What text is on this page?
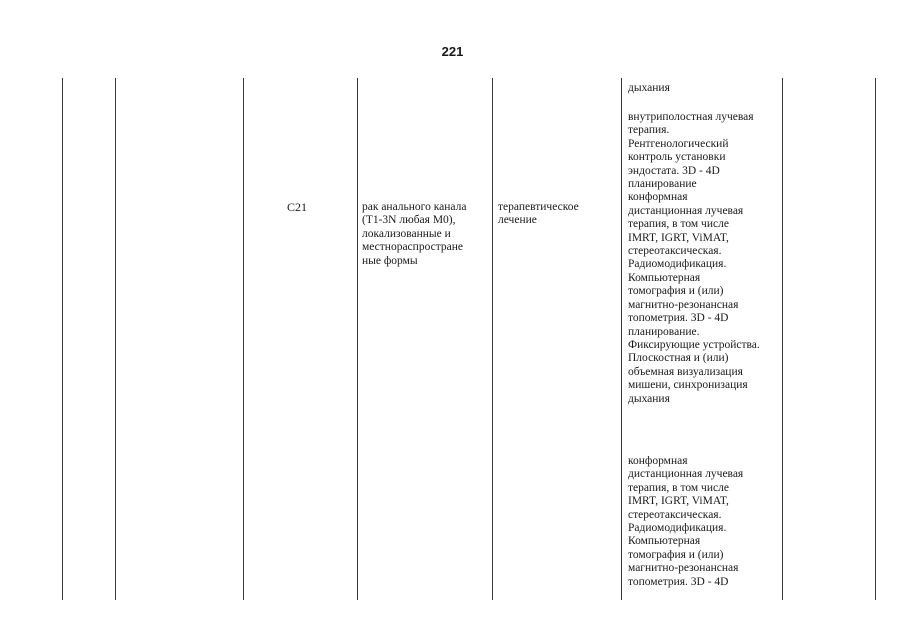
221
C21	рак анального канала
(T1-3N любая M0),
локализованные и
местнораспростране
ные формы
терапевтическое
лечение
дыхания
внутриполостная лучевая
терапия.
Рентгенологический
контроль установки
эндостата. 3D - 4D
планирование
конформная
дистанционная лучевая
терапия, в том числе
IMRT, IGRT, ViMAT,
стереотаксическая.
Радиомодификация.
Компьютерная
томография и (или)
магнитно-резонансная
топометрия. 3D - 4D
планирование.
Фиксирующие устройства.
Плоскостная и (или)
объемная визуализация
мишени, синхронизация
дыхания
конформная
дистанционная лучевая
терапия, в том числе
IMRT, IGRT, ViMAT,
стереотаксическая.
Радиомодификация.
Компьютерная
томография и (или)
магнитно-резонансная
топометрия. 3D - 4D
